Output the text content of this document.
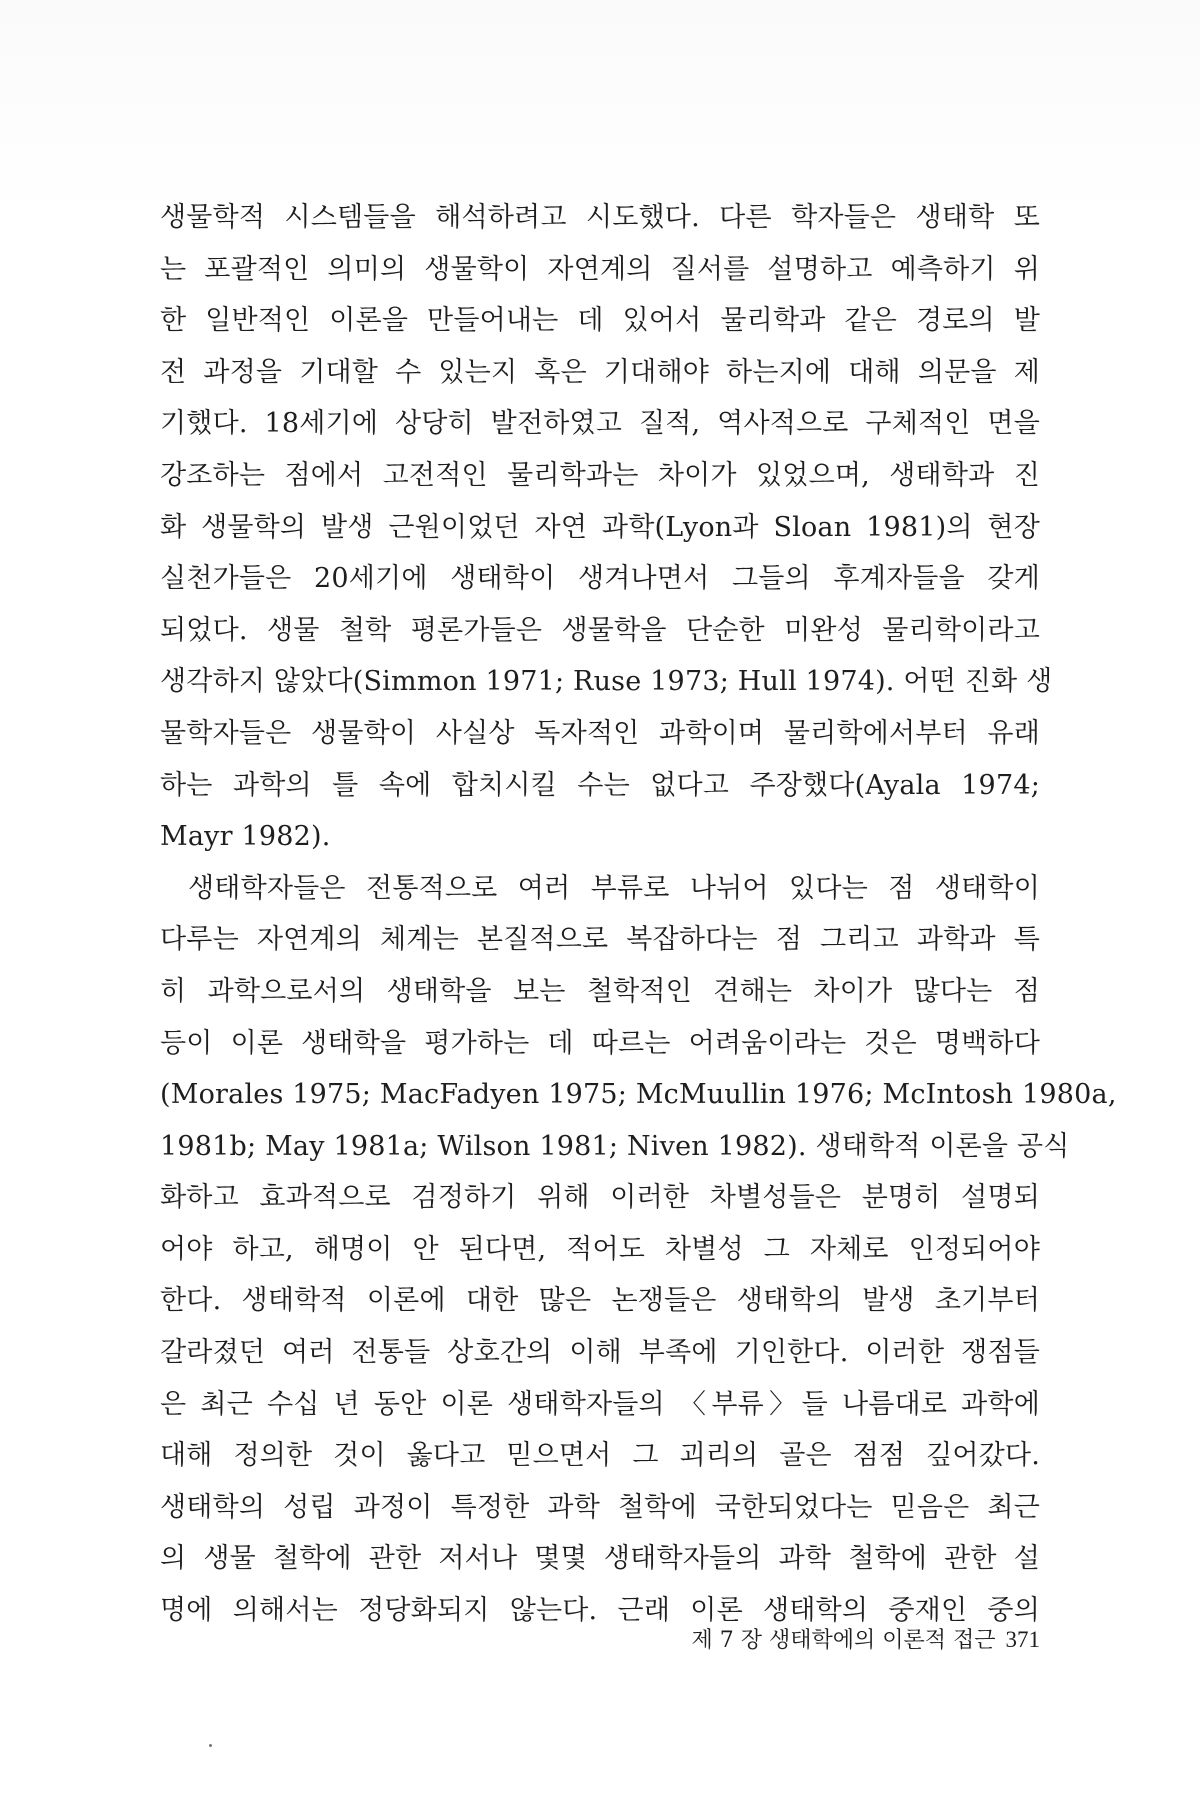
생물학적 시스템들을 해석하려고 시도했다. 다른 학자들은 생태학 또
는 포괄적인 의미의 생물학이 자연계의 질서를 설명하고 예측하기 위
한 일반적인 이론을 만들어내는 데 있어서 물리학과 같은 경로의 발
전 과정을 기대할 수 있는지 혹은 기대해야 하는지에 대해 의문을 제
기했다. 18세기에 상당히 발전하였고 질적, 역사적으로 구체적인 면을
강조하는 점에서 고전적인 물리학과는 차이가 있었으며, 생태학과 진
화 생물학의 발생 근원이었던 자연 과학(Lyon과 Sloan 1981)의 현장
실천가들은 20세기에 생태학이 생겨나면서 그들의 후계자들을 갖게
되었다. 생물 철학 평론가들은 생물학을 단순한 미완성 물리학이라고
생각하지 않았다(Simmon 1971; Ruse 1973; Hull 1974). 어떤 진화 생
물학자들은 생물학이 사실상 독자적인 과학이며 물리학에서부터 유래
하는 과학의 틀 속에 합치시킬 수는 없다고 주장했다(Ayala 1974;
Mayr 1982).
생태학자들은 전통적으로 여러 부류로 나뉘어 있다는 점 생태학이
다루는 자연계의 체계는 본질적으로 복잡하다는 점 그리고 과학과 특
히 과학으로서의 생태학을 보는 철학적인 견해는 차이가 많다는 점
등이 이론 생태학을 평가하는 데 따르는 어려움이라는 것은 명백하다
(Morales 1975; MacFadyen 1975; McMuullin 1976; McIntosh 1980a,
1981b; May 1981a; Wilson 1981; Niven 1982). 생태학적 이론을 공식
화하고 효과적으로 검정하기 위해 이러한 차별성들은 분명히 설명되
어야 하고, 해명이 안 된다면, 적어도 차별성 그 자체로 인정되어야
한다. 생태학적 이론에 대한 많은 논쟁들은 생태학의 발생 초기부터
갈라졌던 여러 전통들 상호간의 이해 부족에 기인한다. 이러한 쟁점들
은 최근 수십 년 동안 이론 생태학자들의 〈부류〉들 나름대로 과학에
대해 정의한 것이 옳다고 믿으면서 그 괴리의 골은 점점 깊어갔다.
생태학의 성립 과정이 특정한 과학 철학에 국한되었다는 믿음은 최근
의 생물 철학에 관한 저서나 몇몇 생태학자들의 과학 철학에 관한 설
명에 의해서는 정당화되지 않는다. 근래 이론 생태학의 중재인 중의
제 7 장 생태학에의 이론적 접근 371
